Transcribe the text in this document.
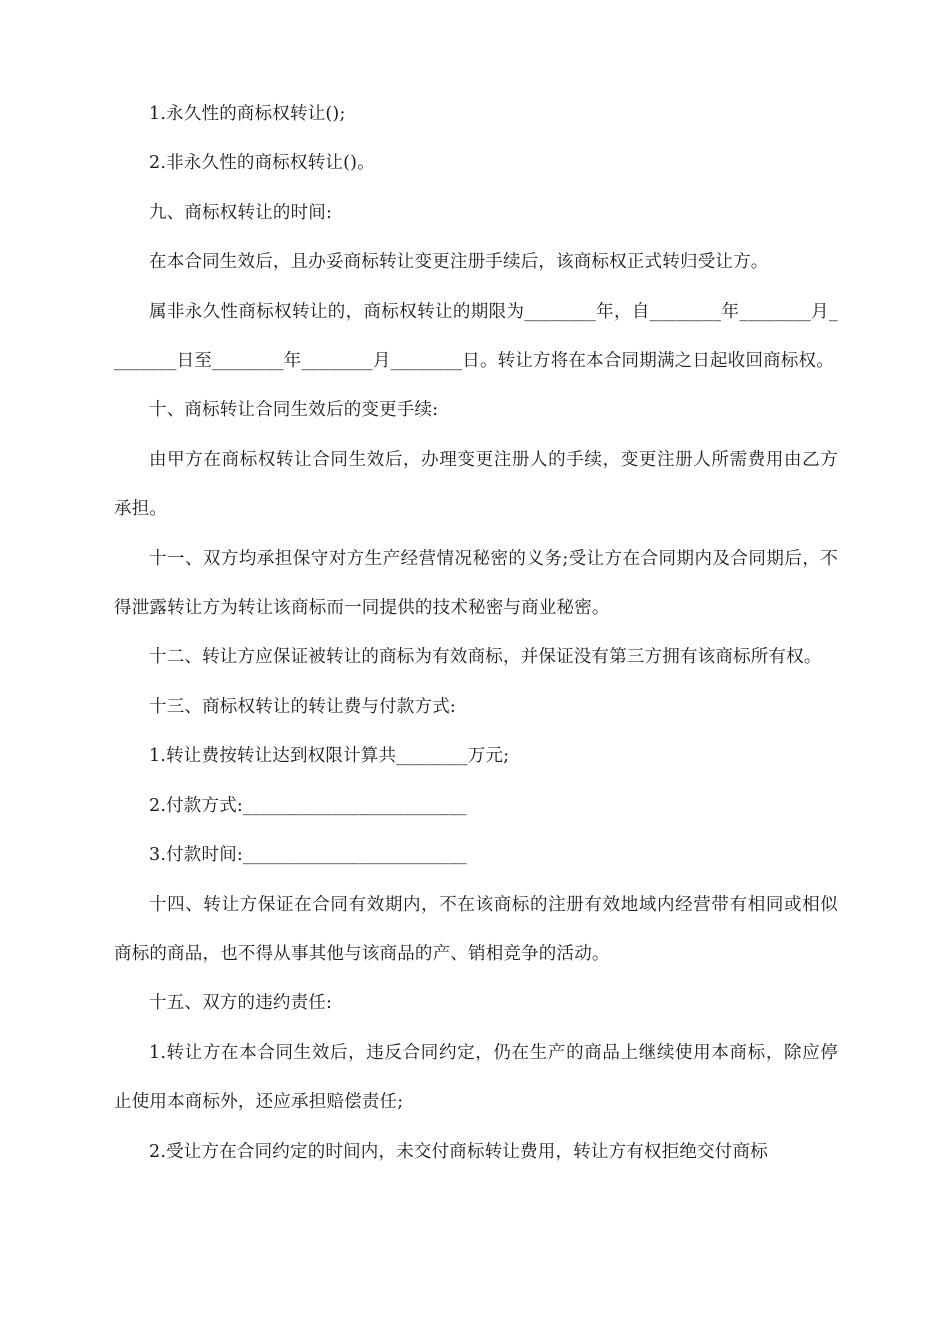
1.永久性的商标权转让();

2.非永久性的商标权转让()。

九、商标权转让的时间:

在本合同生效后，且办妥商标转让变更注册手续后，该商标权正式转归受让方。

属非永久性商标权转让的，商标权转让的期限为________年，自________年________月________日至________年________月________日。转让方将在本合同期满之日起收回商标权。

十、商标转让合同生效后的变更手续:

由甲方在商标权转让合同生效后，办理变更注册人的手续，变更注册人所需费用由乙方承担。

十一、双方均承担保守对方生产经营情况秘密的义务;受让方在合同期内及合同期后，不得泄露转让方为转让该商标而一同提供的技术秘密与商业秘密。

十二、转让方应保证被转让的商标为有效商标，并保证没有第三方拥有该商标所有权。

十三、商标权转让的转让费与付款方式:

1.转让费按转让达到权限计算共________万元;

2.付款方式:_________________________

3.付款时间:_________________________

十四、转让方保证在合同有效期内，不在该商标的注册有效地域内经营带有相同或相似商标的商品，也不得从事其他与该商品的产、销相竞争的活动。

十五、双方的违约责任:

1.转让方在本合同生效后，违反合同约定，仍在生产的商品上继续使用本商标，除应停止使用本商标外，还应承担赔偿责任;

2.受让方在合同约定的时间内，未交付商标转让费用，转让方有权拒绝交付商标
